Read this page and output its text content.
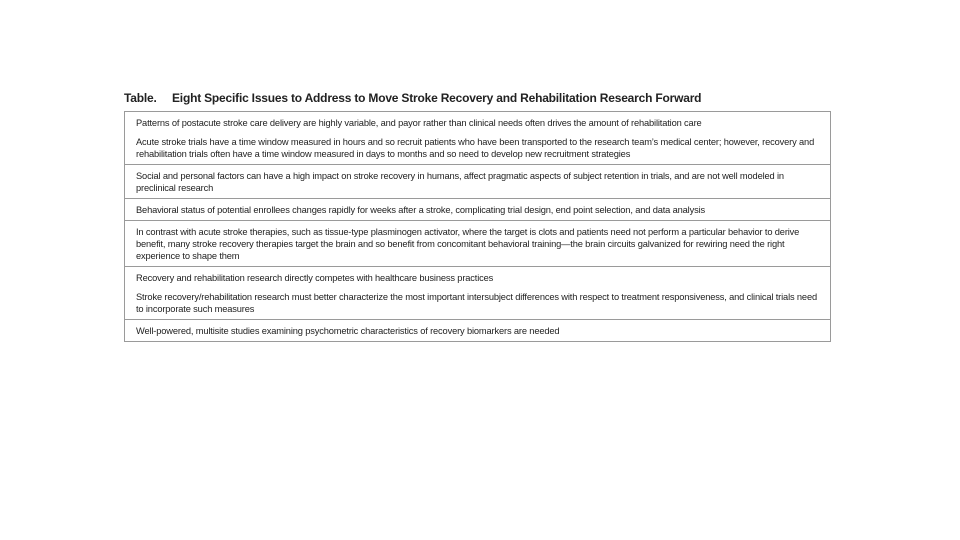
Table. Eight Specific Issues to Address to Move Stroke Recovery and Rehabilitation Research Forward

Patterns of postacute stroke care delivery are highly variable, and payor rather than clinical needs often drives the amount of rehabilitation care

Acute stroke trials have a time window measured in hours and so recruit patients who have been transported to the research team’s medical center; however, recovery and rehabilitation trials often have a time window measured in days to months and so need to develop new recruitment strategies

Social and personal factors can have a high impact on stroke recovery in humans, affect pragmatic aspects of subject retention in trials, and are not well modeled in preclinical research

Behavioral status of potential enrollees changes rapidly for weeks after a stroke, complicating trial design, end point selection, and data analysis

In contrast with acute stroke therapies, such as tissue-type plasminogen activator, where the target is clots and patients need not perform a particular behavior to derive benefit, many stroke recovery therapies target the brain and so benefit from concomitant behavioral training—the brain circuits galvanized for rewiring need the right experience to shape them

Recovery and rehabilitation research directly competes with healthcare business practices

Stroke recovery/rehabilitation research must better characterize the most important intersubject differences with respect to treatment responsiveness, and clinical trials need to incorporate such measures

Well-powered, multisite studies examining psychometric characteristics of recovery biomarkers are needed
